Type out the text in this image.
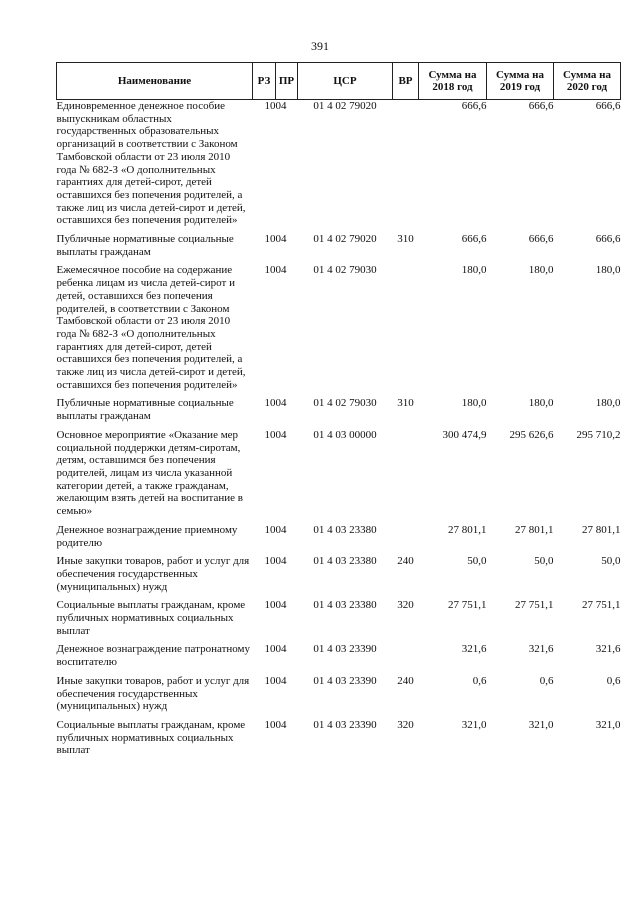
391
Наименование	РЗ	ПР	ЦСР	ВР	Сумма на 2018 год	Сумма на 2019 год	Сумма на 2020 год
Единовременное денежное пособие выпускникам областных государственных образовательных организаций в соответствии с Законом Тамбовской области от 23 июля 2010 года № 682-З «О дополнительных гарантиях для детей-сирот, детей оставшихся без попечения родителей, а также лиц из числа детей-сирот и детей, оставшихся без попечения родителей»	10	04	01 4 02 79020		666,6	666,6	666,6
Публичные нормативные социальные выплаты гражданам	10	04	01 4 02 79020	310	666,6	666,6	666,6
Ежемесячное пособие на содержание ребенка лицам из числа детей-сирот и детей, оставшихся без попечения родителей, в соответствии с Законом Тамбовской области от 23 июля 2010 года № 682-З «О дополнительных гарантиях для детей-сирот, детей оставшихся без попечения родителей, а также лиц из числа детей-сирот и детей, оставшихся без попечения родителей»	10	04	01 4 02 79030		180,0	180,0	180,0
Публичные нормативные социальные выплаты гражданам	10	04	01 4 02 79030	310	180,0	180,0	180,0
Основное мероприятие «Оказание мер социальной поддержки детям-сиротам, детям, оставшимся без попечения родителей, лицам из числа указанной категории детей, а также гражданам, желающим взять детей на воспитание в семью»	10	04	01 4 03 00000		300 474,9	295 626,6	295 710,2
Денежное вознаграждение приемному родителю	10	04	01 4 03 23380		27 801,1	27 801,1	27 801,1
Иные закупки товаров, работ и услуг для обеспечения государственных (муниципальных) нужд	10	04	01 4 03 23380	240	50,0	50,0	50,0
Социальные выплаты гражданам, кроме публичных нормативных социальных выплат	10	04	01 4 03 23380	320	27 751,1	27 751,1	27 751,1
Денежное вознаграждение патронатному воспитателю	10	04	01 4 03 23390		321,6	321,6	321,6
Иные закупки товаров, работ и услуг для обеспечения государственных (муниципальных) нужд	10	04	01 4 03 23390	240	0,6	0,6	0,6
Социальные выплаты гражданам, кроме публичных нормативных социальных выплат	10	04	01 4 03 23390	320	321,0	321,0	321,0
